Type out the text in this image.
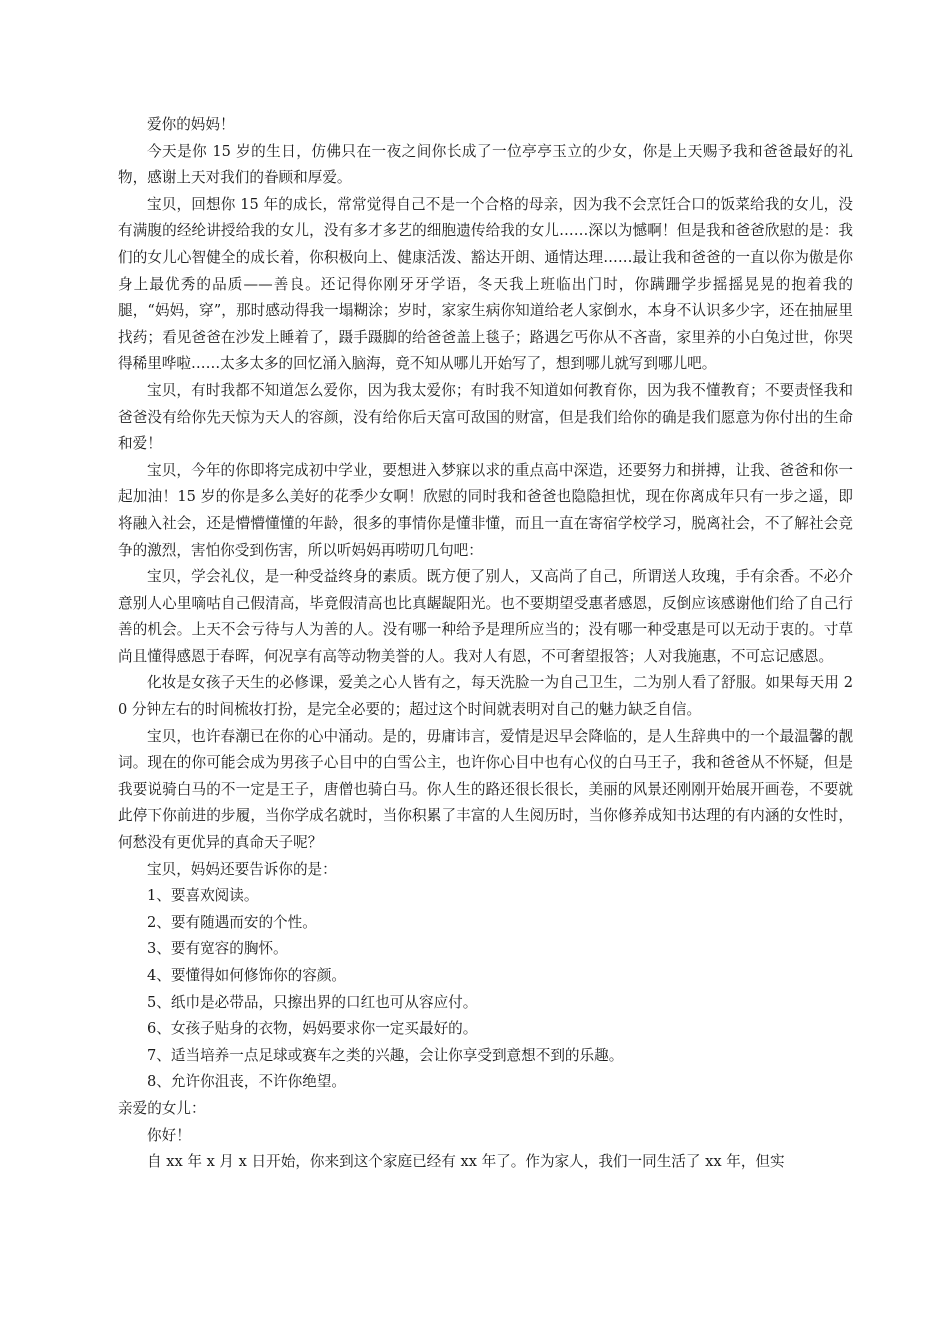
爱你的妈妈！

今天是你 15 岁的生日，仿佛只在一夜之间你长成了一位亭亭玉立的少女，你是上天赐予我和爸爸最好的礼物，感谢上天对我们的眷顾和厚爱。

宝贝，回想你 15 年的成长，常常觉得自己不是一个合格的母亲，因为我不会烹饪合口的饭菜给我的女儿，没有满腹的经纶讲授给我的女儿，没有多才多艺的细胞遗传给我的女儿……深以为憾啊！但是我和爸爸欣慰的是：我们的女儿心智健全的成长着，你积极向上、健康活泼、豁达开朗、通情达理……最让我和爸爸的一直以你为傲是你身上最优秀的品质——善良。还记得你刚牙牙学语，冬天我上班临出门时，你蹒跚学步摇摇晃晃的抱着我的腿，“妈妈，穿”，那时感动得我一塌糊涂；岁时，家家生病你知道给老人家倒水，本身不认识多少字，还在抽屉里找药；看见爸爸在沙发上睡着了，蹑手蹑脚的给爸爸盖上毯子；路遇乞丐你从不吝啬，家里养的小白兔过世，你哭得稀里哗啦……太多太多的回忆涌入脑海，竟不知从哪儿开始写了，想到哪儿就写到哪儿吧。

宝贝，有时我都不知道怎么爱你，因为我太爱你；有时我不知道如何教育你，因为我不懂教育；不要责怪我和爸爸没有给你先天惊为天人的容颜，没有给你后天富可敌国的财富，但是我们给你的确是我们愿意为你付出的生命和爱！

宝贝，今年的你即将完成初中学业，要想进入梦寐以求的重点高中深造，还要努力和拼搏，让我、爸爸和你一起加油！15 岁的你是多么美好的花季少女啊！欣慰的同时我和爸爸也隐隐担忧，现在你离成年只有一步之遥，即将融入社会，还是懵懵懂懂的年龄，很多的事情你是懂非懂，而且一直在寄宿学校学习，脱离社会，不了解社会竞争的激烈，害怕你受到伤害，所以听妈妈再唠叨几句吧：

宝贝，学会礼仪，是一种受益终身的素质。既方便了别人，又高尚了自己，所谓送人玫瑰，手有余香。不必介意别人心里嘀咕自己假清高，毕竟假清高也比真龌龊阳光。也不要期望受惠者感恩，反倒应该感谢他们给了自己行善的机会。上天不会亏待与人为善的人。没有哪一种给予是理所应当的；没有哪一种受惠是可以无动于衷的。寸草尚且懂得感恩于春晖，何况享有高等动物美誉的人。我对人有恩，不可奢望报答；人对我施惠，不可忘记感恩。

化妆是女孩子天生的必修课，爱美之心人皆有之，每天洗脸一为自己卫生，二为别人看了舒服。如果每天用 20 分钟左右的时间梳妆打扮，是完全必要的；超过这个时间就表明对自己的魅力缺乏自信。

宝贝，也许春潮已在你的心中涌动。是的，毋庸讳言，爱情是迟早会降临的，是人生辞典中的一个最温馨的靓词。现在的你可能会成为男孩子心目中的白雪公主，也许你心目中也有心仪的白马王子，我和爸爸从不怀疑，但是我要说骑白马的不一定是王子，唐僧也骑白马。你人生的路还很长很长，美丽的风景还刚刚开始展开画卷，不要就此停下你前进的步履，当你学成名就时，当你积累了丰富的人生阅历时，当你修养成知书达理的有内涵的女性时，何愁没有更优异的真命天子呢？

宝贝，妈妈还要告诉你的是：

1、要喜欢阅读。

2、要有随遇而安的个性。

3、要有宽容的胸怀。

4、要懂得如何修饰你的容颜。

5、纸巾是必带品，只擦出界的口红也可从容应付。

6、女孩子贴身的衣物，妈妈要求你一定买最好的。

7、适当培养一点足球或赛车之类的兴趣，会让你享受到意想不到的乐趣。

8、允许你沮丧，不许你绝望。

亲爱的女儿：

你好！

自 xx 年 x 月 x 日开始，你来到这个家庭已经有 xx 年了。作为家人，我们一同生活了 xx 年，但实
